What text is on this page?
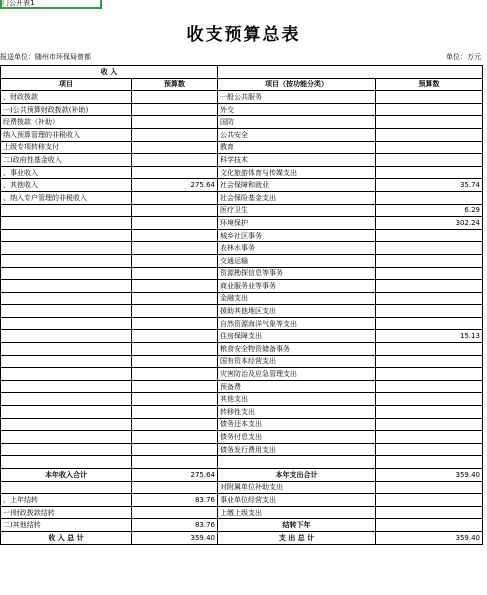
门公开表1
收支预算总表
报送单位：随州市环保局曾都	单位：万元
收 入			
项目	预算数	项目（按功能分类）	预算数
、财政拨款		一般公共服务	
一)公共预算财政拨款(补助)		外交	
经费拨款（补助）		国防	
纳入预算管理的非税收入		公共安全	
上级专项转移支付		教育	
二)政府性基金收入		科学技术	
、事业收入		文化旅游体育与传媒支出	
、其他收入	275.64	社会保障和就业	35.74
、纳入专户管理的非税收入		社会保险基金支出	
		医疗卫生	6.29
		环境保护	302.24
		城乡社区事务	
		农林水事务	
		交通运输	
		资源勘探信息等事务	
		商业服务业等事务	
		金融支出	
		援助其他地区支出	
		自然资源海洋气象等支出	
		住房保障支出	15.13
		粮食安全物资储备事务	
		国有资本经营支出	
		灾害防治及应急管理支出	
		预备费	
		其他支出	
		转移性支出	
		债务还本支出	
		债务付息支出	
		债务发行费用支出	

本年收入合计	275.64	本年支出合计	359.40
		对附属单位补助支出	
、上年结转	83.76	事业单位经营支出	
一)财政拨款结转		上缴上级支出	
二)其他结转	83.76	结转下年	
收 入 总 计	359.40	支 出 总 计	359.40
